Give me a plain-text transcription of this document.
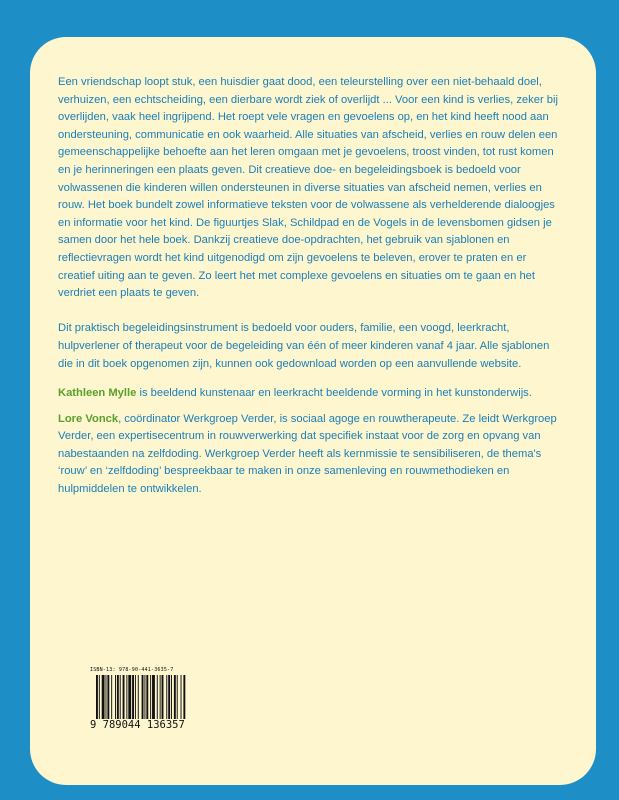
Een vriendschap loopt stuk, een huisdier gaat dood, een teleurstelling over een niet-behaald doel, verhuizen, een echtscheiding, een dierbare wordt ziek of overlijdt ... Voor een kind is verlies, zeker bij overlijden, vaak heel ingrijpend. Het roept vele vragen en gevoelens op, en het kind heeft nood aan ondersteuning, communicatie en ook waarheid. Alle situaties van afscheid, verlies en rouw delen een gemeenschappelijke behoefte aan het leren omgaan met je gevoelens, troost vinden, tot rust komen en je herinneringen een plaats geven. Dit creatieve doe- en begeleidingsboek is bedoeld voor volwassenen die kinderen willen ondersteunen in diverse situaties van afscheid nemen, verlies en rouw. Het boek bundelt zowel informatieve teksten voor de volwassene als verhelderende dialoogjes en informatie voor het kind. De figuurtjes Slak, Schildpad en de Vogels in de levensbomen gidsen je samen door het hele boek. Dankzij creatieve doe-opdrachten, het gebruik van sjablonen en reflectievragen wordt het kind uitgenodigd om zijn gevoelens te beleven, erover te praten en er creatief uiting aan te geven. Zo leert het met complexe gevoelens en situaties om te gaan en het verdriet een plaats te geven.

Dit praktisch begeleidingsinstrument is bedoeld voor ouders, familie, een voogd, leerkracht, hulpverlener of therapeut voor de begeleiding van één of meer kinderen vanaf 4 jaar. Alle sjablonen die in dit boek opgenomen zijn, kunnen ook gedownload worden op een aanvullende website.

Kathleen Mylle is beeldend kunstenaar en leerkracht beeldende vorming in het kunstonderwijs.

Lore Vonck, coördinator Werkgroep Verder, is sociaal agoge en rouwtherapeute. Ze leidt Werkgroep Verder, een expertisecentrum in rouwverwerking dat specifiek instaat voor de zorg en opvang van nabestaanden na zelfdoding. Werkgroep Verder heeft als kernmissie te sensibiliseren, de thema's ‘rouw’ en ‘zelfdoding’ bespreekbaar te maken in onze samenleving en rouwmethodieken en hulpmiddelen te ontwikkelen.

ISBN-13: 978-90-441-3635-7
9 789044 136357
